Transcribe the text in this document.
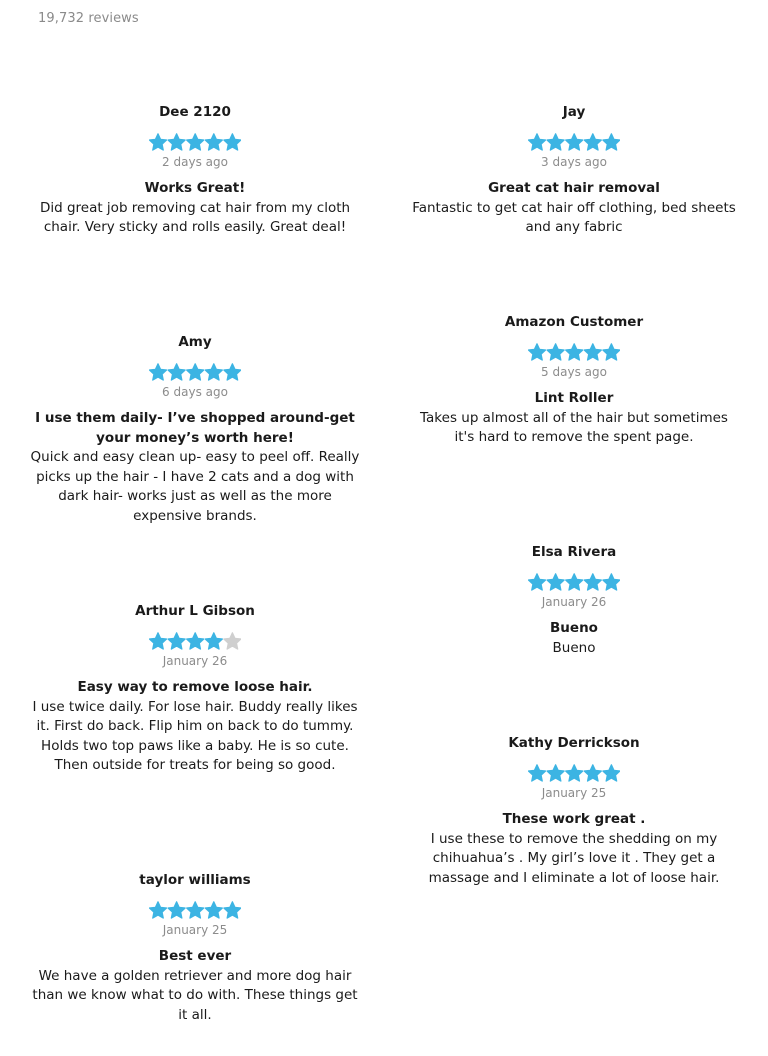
19,732 reviews
Dee 2120
2 days ago
Works Great!
Did great job removing cat hair from my cloth chair. Very sticky and rolls easily. Great deal!
Amy
6 days ago
I use them daily- I’ve shopped around-get your money’s worth here!
Quick and easy clean up- easy to peel off. Really picks up the hair - I have 2 cats and a dog with dark hair- works just as well as the more expensive brands.
Arthur L Gibson
January 26
Easy way to remove loose hair.
I use twice daily. For lose hair. Buddy really likes it. First do back. Flip him on back to do tummy. Holds two top paws like a baby. He is so cute. Then outside for treats for being so good.
taylor williams
January 25
Best ever
We have a golden retriever and more dog hair than we know what to do with. These things get it all.
Jay
3 days ago
Great cat hair removal
Fantastic to get cat hair off clothing, bed sheets and any fabric
Amazon Customer
5 days ago
Lint Roller
Takes up almost all of the hair but sometimes it's hard to remove the spent page.
Elsa Rivera
January 26
Bueno
Bueno
Kathy Derrickson
January 25
These work great .
I use these to remove the shedding on my chihuahua’s . My girl’s love it . They get a massage and I eliminate a lot of loose hair.
